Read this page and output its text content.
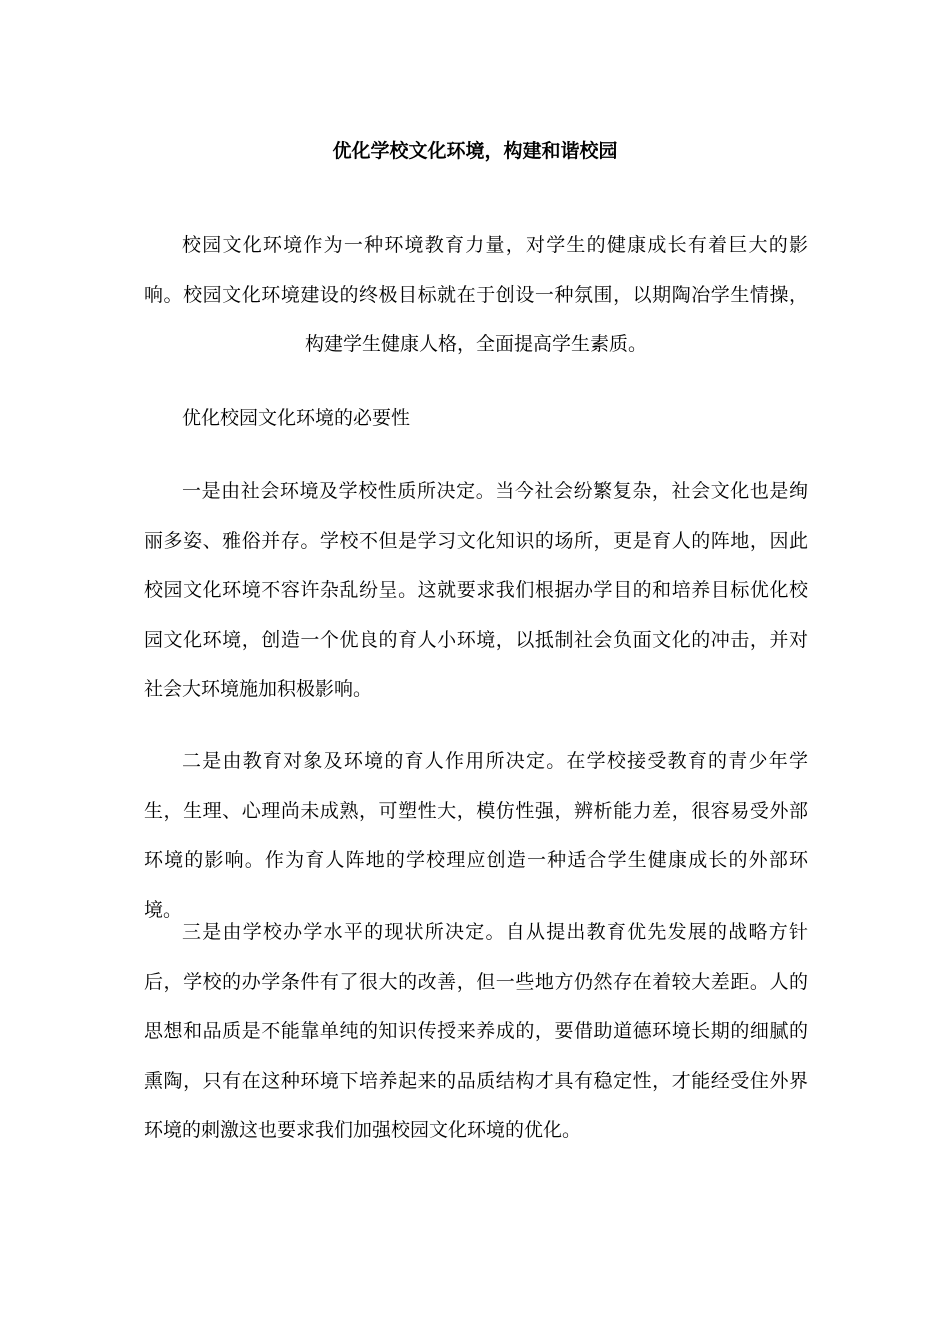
优化学校文化环境，构建和谐校园

校园文化环境作为一种环境教育力量，对学生的健康成长有着巨大的影响。校园文化环境建设的终极目标就在于创设一种氛围，以期陶冶学生情操，构建学生健康人格，全面提高学生素质。

优化校园文化环境的必要性

一是由社会环境及学校性质所决定。当今社会纷繁复杂，社会文化也是绚丽多姿、雅俗并存。学校不但是学习文化知识的场所，更是育人的阵地，因此校园文化环境不容许杂乱纷呈。这就要求我们根据办学目的和培养目标优化校园文化环境，创造一个优良的育人小环境，以抵制社会负面文化的冲击，并对社会大环境施加积极影响。

二是由教育对象及环境的育人作用所决定。在学校接受教育的青少年学生，生理、心理尚未成熟，可塑性大，模仿性强，辨析能力差，很容易受外部环境的影响。作为育人阵地的学校理应创造一种适合学生健康成长的外部环境。

三是由学校办学水平的现状所决定。自从提出教育优先发展的战略方针后，学校的办学条件有了很大的改善，但一些地方仍然存在着较大差距。人的思想和品质是不能靠单纯的知识传授来养成的，要借助道德环境长期的细腻的熏陶，只有在这种环境下培养起来的品质结构才具有稳定性，才能经受住外界环境的刺激这也要求我们加强校园文化环境的优化。
